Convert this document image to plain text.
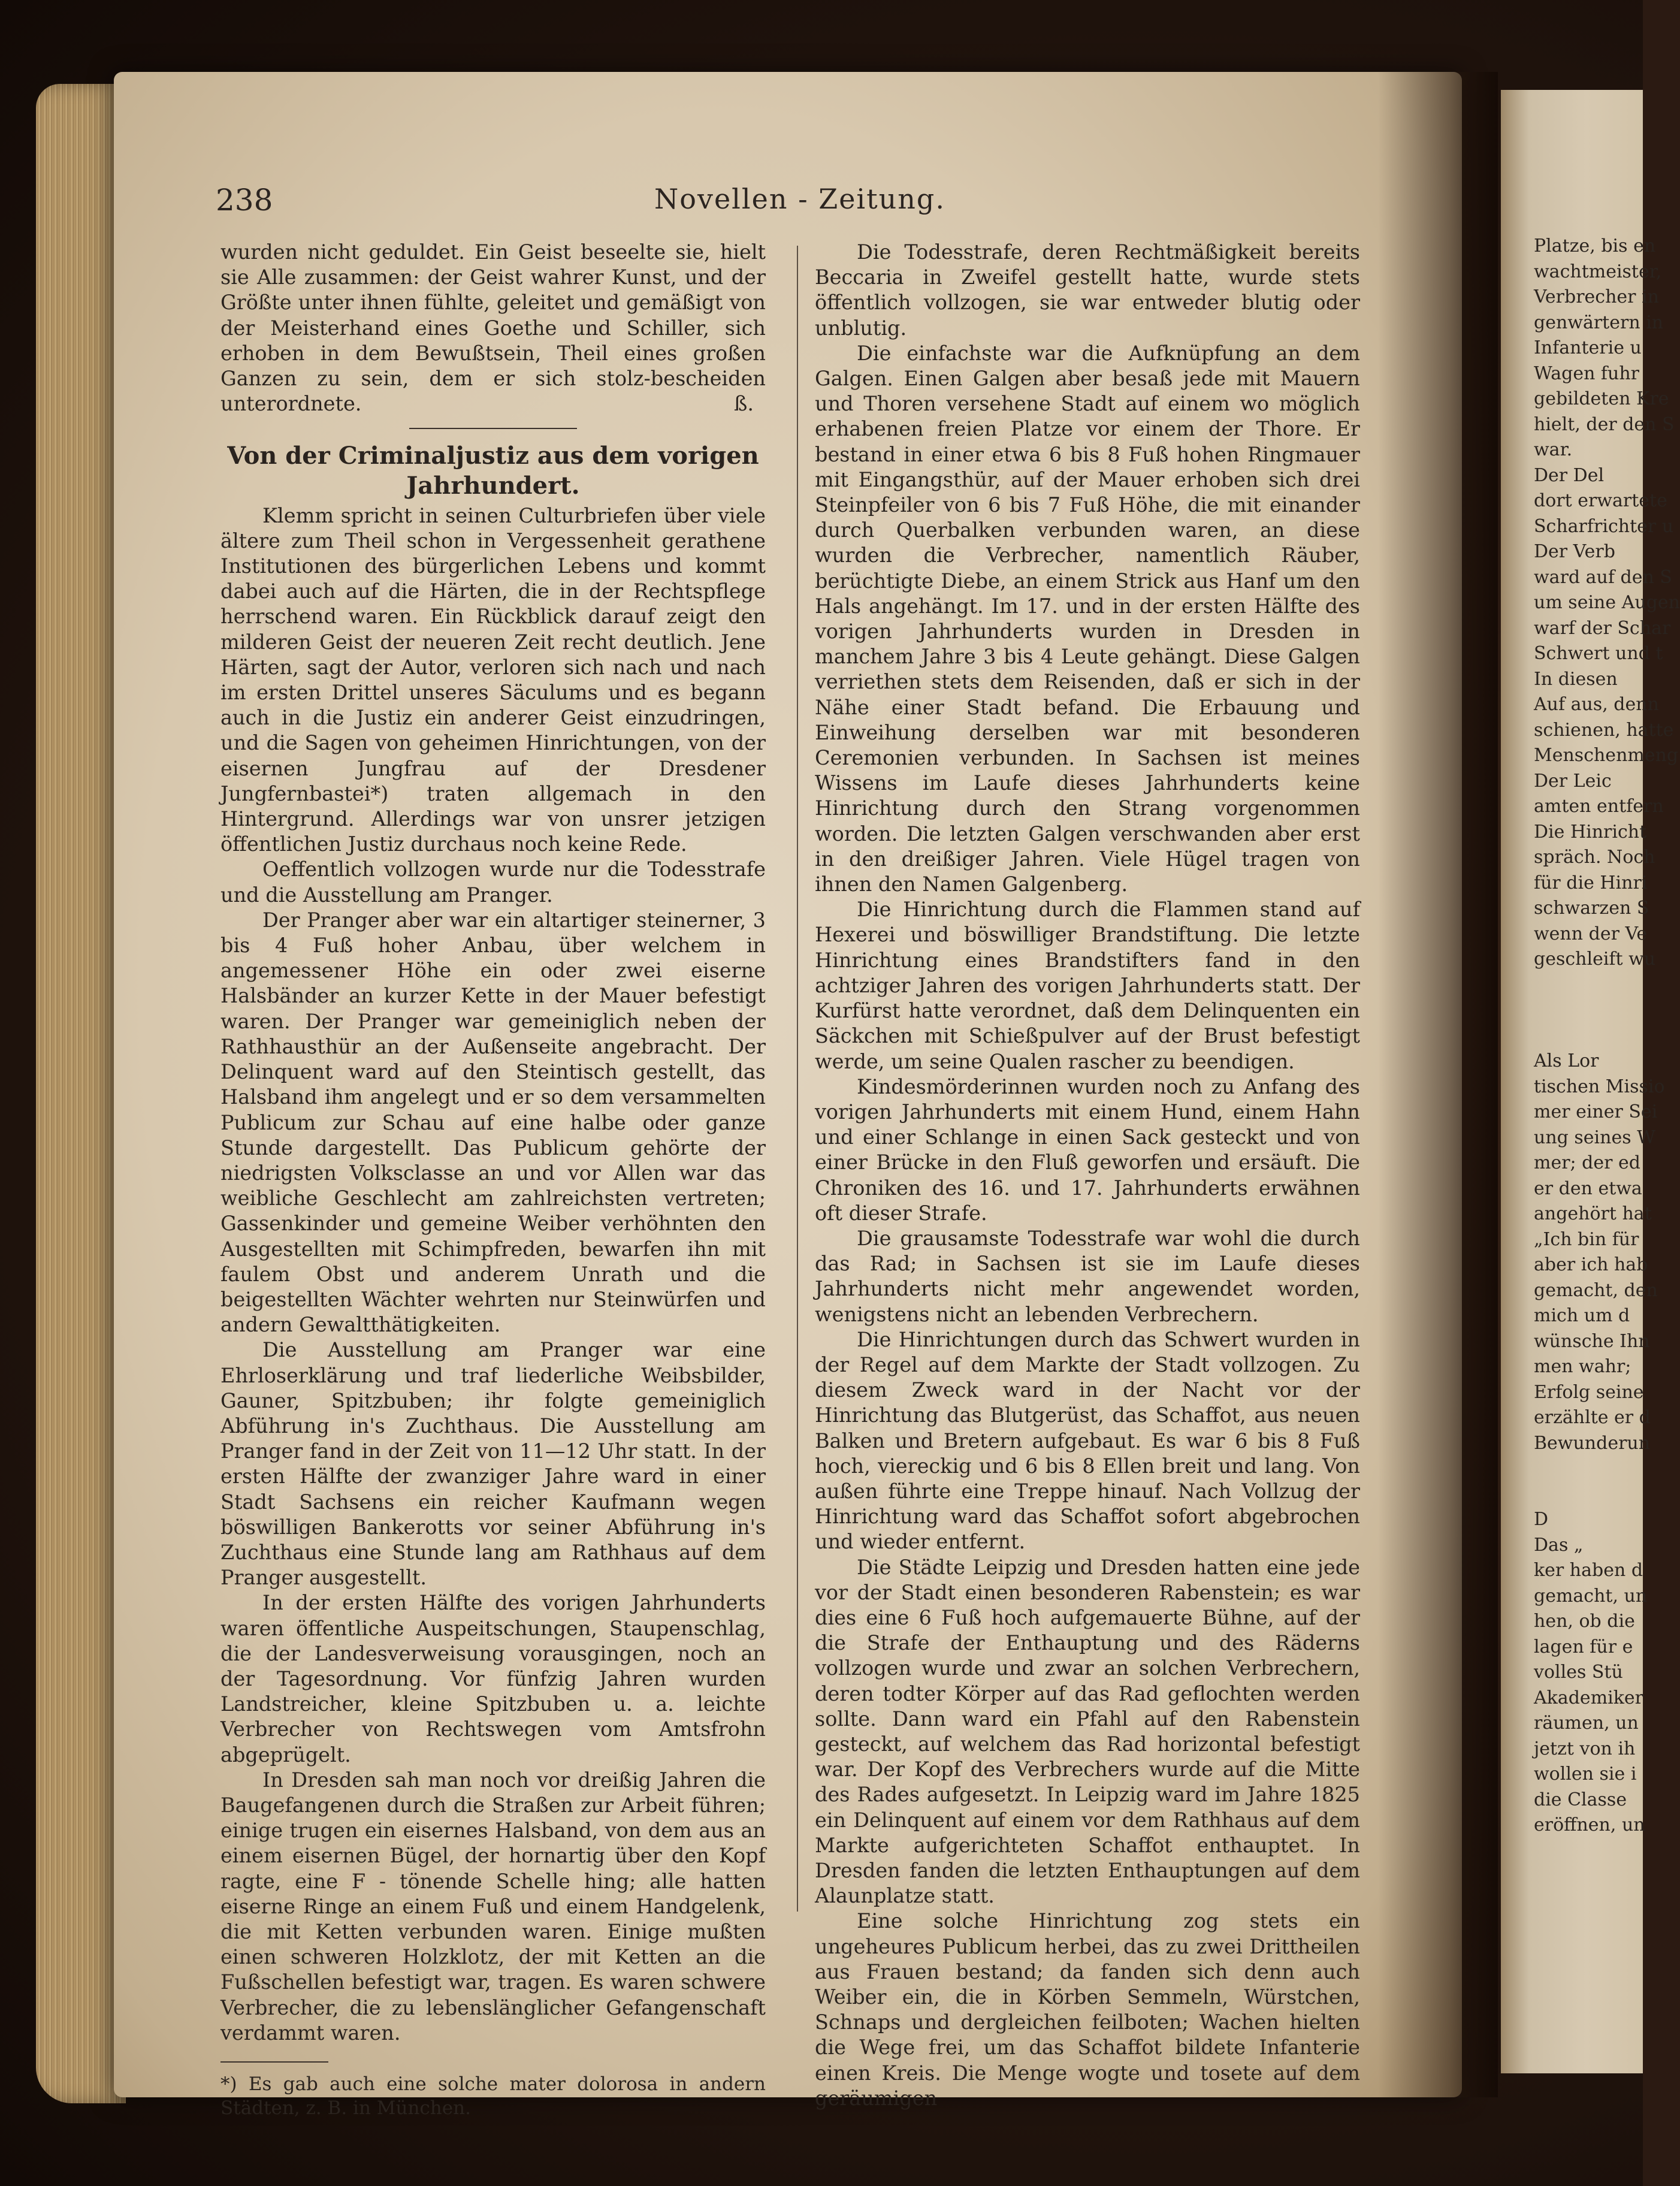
238	Novellen - Zeitung.

wurden nicht geduldet. Ein Geist beseelte sie, hielt sie Alle zusammen: der Geist wahrer Kunst, und der Größte unter ihnen fühlte, geleitet und gemäßigt von der Meisterhand eines Goethe und Schiller, sich erhoben in dem Bewußtsein, Theil eines großen Ganzen zu sein, dem er sich stolz-bescheiden unterordnete.	ß.

Von der Criminaljustiz aus dem vorigen Jahrhundert.

Klemm spricht in seinen Culturbriefen über viele ältere zum Theil schon in Vergessenheit gerathene Institutionen des bürgerlichen Lebens und kommt dabei auch auf die Härten, die in der Rechtspflege herrschend waren. Ein Rückblick darauf zeigt den milderen Geist der neueren Zeit recht deutlich. Jene Härten, sagt der Autor, verloren sich nach und nach im ersten Drittel unseres Säculums und es begann auch in die Justiz ein anderer Geist einzudringen, und die Sagen von geheimen Hinrichtungen, von der eisernen Jungfrau auf der Dresdener Jungfernbastei*) traten allgemach in den Hintergrund. Allerdings war von unsrer jetzigen öffentlichen Justiz durchaus noch keine Rede.

Oeffentlich vollzogen wurde nur die Todesstrafe und die Ausstellung am Pranger.

Der Pranger aber war ein altartiger steinerner, 3 bis 4 Fuß hoher Anbau, über welchem in angemessener Höhe ein oder zwei eiserne Halsbänder an kurzer Kette in der Mauer befestigt waren. Der Pranger war gemeiniglich neben der Rathhausthür an der Außenseite angebracht. Der Delinquent ward auf den Steintisch gestellt, das Halsband ihm angelegt und er so dem versammelten Publicum zur Schau auf eine halbe oder ganze Stunde dargestellt. Das Publicum gehörte der niedrigsten Volksclasse an und vor Allen war das weibliche Geschlecht am zahlreichsten vertreten; Gassenkinder und gemeine Weiber verhöhnten den Ausgestellten mit Schimpfreden, bewarfen ihn mit faulem Obst und anderem Unrath und die beigestellten Wächter wehrten nur Steinwürfen und andern Gewaltthätigkeiten.

Die Ausstellung am Pranger war eine Ehrloserklärung und traf liederliche Weibsbilder, Gauner, Spitzbuben; ihr folgte gemeiniglich Abführung in's Zuchthaus. Die Ausstellung am Pranger fand in der Zeit von 11—12 Uhr statt. In der ersten Hälfte der zwanziger Jahre ward in einer Stadt Sachsens ein reicher Kaufmann wegen böswilligen Bankerotts vor seiner Abführung in's Zuchthaus eine Stunde lang am Rathhaus auf dem Pranger ausgestellt.

In der ersten Hälfte des vorigen Jahrhunderts waren öffentliche Auspeitschungen, Staupenschlag, die der Landesverweisung vorausgingen, noch an der Tagesordnung. Vor fünfzig Jahren wurden Landstreicher, kleine Spitzbuben u. a. leichte Verbrecher von Rechtswegen vom Amtsfrohn abgeprügelt.

In Dresden sah man noch vor dreißig Jahren die Baugefangenen durch die Straßen zur Arbeit führen; einige trugen ein eisernes Halsband, von dem aus an einem eisernen Bügel, der hornartig über den Kopf ragte, eine F - tönende Schelle hing; alle hatten eiserne Ringe an einem Fuß und einem Handgelenk, die mit Ketten verbunden waren. Einige mußten einen schweren Holzklotz, der mit Ketten an die Fußschellen befestigt war, tragen. Es waren schwere Verbrecher, die zu lebenslänglicher Gefangenschaft verdammt waren.

*) Es gab auch eine solche mater dolorosa in andern Städten, z. B. in München.

Die Todesstrafe, deren Rechtmäßigkeit bereits Beccaria in Zweifel gestellt hatte, wurde stets öffentlich vollzogen, sie war entweder blutig oder unblutig.

Die einfachste war die Aufknüpfung an dem Galgen. Einen Galgen aber besaß jede mit Mauern und Thoren versehene Stadt auf einem wo möglich erhabenen freien Platze vor einem der Thore. Er bestand in einer etwa 6 bis 8 Fuß hohen Ringmauer mit Eingangsthür, auf der Mauer erhoben sich drei Steinpfeiler von 6 bis 7 Fuß Höhe, die mit einander durch Querbalken verbunden waren, an diese wurden die Verbrecher, namentlich Räuber, berüchtigte Diebe, an einem Strick aus Hanf um den Hals angehängt. Im 17. und in der ersten Hälfte des vorigen Jahrhunderts wurden in Dresden in manchem Jahre 3 bis 4 Leute gehängt. Diese Galgen verriethen stets dem Reisenden, daß er sich in der Nähe einer Stadt befand. Die Erbauung und Einweihung derselben war mit besonderen Ceremonien verbunden. In Sachsen ist meines Wissens im Laufe dieses Jahrhunderts keine Hinrichtung durch den Strang vorgenommen worden. Die letzten Galgen verschwanden aber erst in den dreißiger Jahren. Viele Hügel tragen von ihnen den Namen Galgenberg.

Die Hinrichtung durch die Flammen stand auf Hexerei und böswilliger Brandstiftung. Die letzte Hinrichtung eines Brandstifters fand in den achtziger Jahren des vorigen Jahrhunderts statt. Der Kurfürst hatte verordnet, daß dem Delinquenten ein Säckchen mit Schießpulver auf der Brust befestigt werde, um seine Qualen rascher zu beendigen.

Kindesmörderinnen wurden noch zu Anfang des vorigen Jahrhunderts mit einem Hund, einem Hahn und einer Schlange in einen Sack gesteckt und von einer Brücke in den Fluß geworfen und ersäuft. Die Chroniken des 16. und 17. Jahrhunderts erwähnen oft dieser Strafe.

Die grausamste Todesstrafe war wohl die durch das Rad; in Sachsen ist sie im Laufe dieses Jahrhunderts nicht mehr angewendet worden, wenigstens nicht an lebenden Verbrechern.

Die Hinrichtungen durch das Schwert wurden in der Regel auf dem Markte der Stadt vollzogen. Zu diesem Zweck ward in der Nacht vor der Hinrichtung das Blutgerüst, das Schaffot, aus neuen Balken und Bretern aufgebaut. Es war 6 bis 8 Fuß hoch, viereckig und 6 bis 8 Ellen breit und lang. Von außen führte eine Treppe hinauf. Nach Vollzug der Hinrichtung ward das Schaffot sofort abgebrochen und wieder entfernt.

Die Städte Leipzig und Dresden hatten eine jede vor der Stadt einen besonderen Rabenstein; es war dies eine 6 Fuß hoch aufgemauerte Bühne, auf der die Strafe der Enthauptung und des Räderns vollzogen wurde und zwar an solchen Verbrechern, deren todter Körper auf das Rad geflochten werden sollte. Dann ward ein Pfahl auf den Rabenstein gesteckt, auf welchem das Rad horizontal befestigt war. Der Kopf des Verbrechers wurde auf die Mitte des Rades aufgesetzt. In Leipzig ward im Jahre 1825 ein Delinquent auf einem vor dem Rathhaus auf dem Markte aufgerichteten Schaffot enthauptet. In Dresden fanden die letzten Enthauptungen auf dem Alaunplatze statt.

Eine solche Hinrichtung zog stets ein ungeheures Publicum herbei, das zu zwei Drittheilen aus Frauen bestand; da fanden sich denn auch Weiber ein, die in Körben Semmeln, Würstchen, Schnaps und dergleichen feilboten; Wachen hielten die Wege frei, um das Schaffot bildete Infanterie einen Kreis. Die Menge wogte und tosete auf dem geräumigen

Platze, bis en
wachtmeister,
Verbrecher in
genwärtern in
Infanterie u
Wagen fuhr
gebildeten Kre
hielt, der den S
war.
Der Del
dort erwartete
Scharfrichter u
Der Verb
ward auf den S
um seine Augen
warf der Schar
Schwert und t
In diesen
Auf aus, denn
schienen, hatte
Menschenmeng
Der Leic
amten entfern
Die Hinricht
spräch. Noch
für die Hinri
schwarzen S
wenn der Ve
geschleift wu
Als Lor
tischen Missio
mer einer Sei
ung seines W
mer; der ed
er den etwa
angehört hat
„Ich bin für
aber ich hab
gemacht, den
mich um d
wünsche Ihn
men wahr;
Erfolg seine
erzählte er d
Bewunderun
D
Das „
ker haben d
gemacht, un
hen, ob die
lagen für e
volles Stü
Akademiker
räumen, un
jetzt von ih
wollen sie i
die Classe
eröffnen, un
